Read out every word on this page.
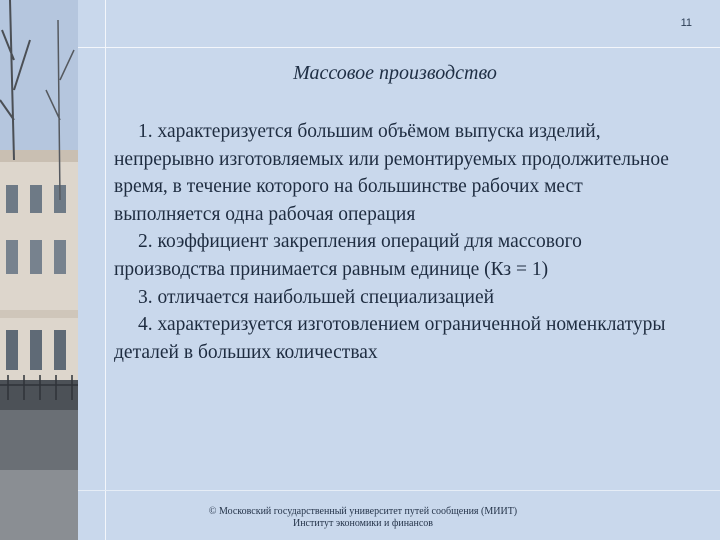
11
Массовое производство

1. характеризуется большим объёмом выпуска изделий, непрерывно изготовляемых или ремонтируемых продолжительное время, в течение которого на большинстве рабочих мест выполняется одна рабочая операция

2. коэффициент закрепления операций для массового производства принимается равным единице (Кз = 1)

3. отличается наибольшей специализацией

4. характеризуется изготовлением ограниченной номенклатуры деталей в больших количествах

© Московский государственный университет путей сообщения (МИИТ)
Институт экономики и финансов
